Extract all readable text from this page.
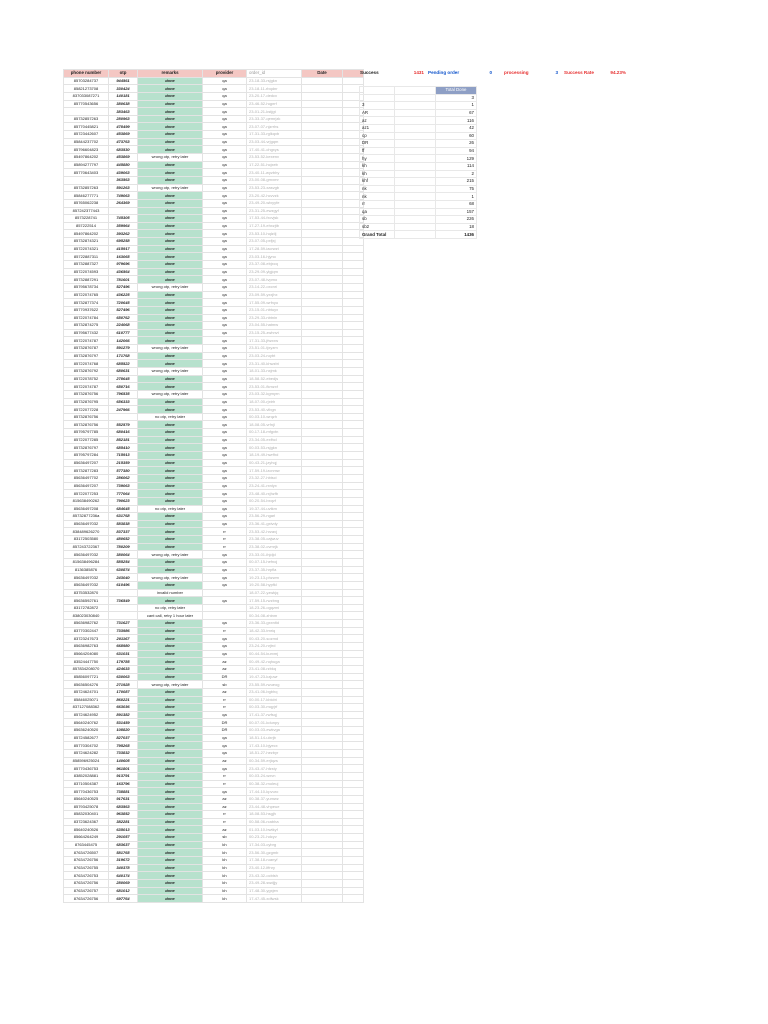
phone number	otp	remarks	provider	order_id	Date	
85703284737	944561	done	qa	23-18-33-rsjgkn		
85821273708	330424	done	qa	23-18-11-rbqdnr		
837033087271	140181	done	qa	23-20-17-dedcx		
85770543656	380638	done	qa	23-46-52-hqprrf		
	383463	done	qa	23-01-21-kstjgt		
85732857263	280963	done	qa	23-33-37-qemrjzk		
85770445821	478499	done	qa	23-07-07-njzrrhs		
85723442607	453869	done	qa	17-31-33-rglkqxb		
85844237702	473763	done	qa	23-03-44-vrjgqm		
85796604823	683530	done	qa	17-40-41-chgxys		
85497864202	453869	wrong otp, retry later	qa	23-53-52-kexenv		
85894277797	445880	done	qa	17-22-51-hcjxeb		
85770643403	439063	done	qa	23-40-11-wyzbhy		
	363563	done	qa	23-00-08-grnxmr		
85732857263	591263	wrong otp, retry later	qa	23-53-23-xasvgb		
85846277771	749063	done	qa	23-20-42-hcvvzk		
85765062238	264369	done	qa	23-49-20-wlxyyfe		
857242377443		done	qa	23-31-25-ewzgyf		
8573228741	745305	done	qa	17-53-44-fxcvjsk		
857222514	359964	done	qa	17-27-19-ehxzjtb		
85497864202	393262	done	qa	23-53-10-hqlzilj		
85732874321	695258	done	qa	23-07-05-pxfjxj		
85722074321	415917	done	qa	17-28-59-iacrwzt		
85722887311	163065	done	qa	23-03-16-hjyno		
85732887327	979696	done	qa	23-37-08-ebjxcq		
85722074593	436564	done	qa	23-29-09-ylgjqm		
85732887291	781601	done	qa	23-07-48-tvpmo		
85795678734	527496	wrong otp, retry later	qa	23-14-22-oxcnri		
85722074765	436225	done	qa	23-09-59-yxxjhx		
85732877374	720645	done	qa	17-55-09-wrfnyo		
85770937622	527496	done	qa	23-15-01-nbtuyx		
85722074784	650762	done	qa	23-29-33-nbtnin		
85732874275	224068	done	qa	23-04-55-hatmw		
85795677432	610777	done	qa	23-15-25-zwhnvt		
85722074787	142066	done	qa	17-31-33-jfwxxw		
85732876787	591279	wrong otp, retry later	qa	23-51-01-tjxyzm		
85732876797	171768	done	qa	23-03-24-ruybt		
85722074768	685522	done	qa	23-31-40-khwzbt		
85732876792	680631	wrong otp, retry later	qa	18-01-33-nxjmk		
85722078752	278645	done	qa	18-58-52-ebedjs		
85722074787	650716	done	qa	23-53-01-fkmzxf		
85732876756	796535	wrong otp, retry later	qa	23-03-32-kgmyrn		
85732876795	656333	done	qa	18-07-00-rjxtrh		
85722077228	247966	done	qa	23-53-40-vlbgn		
85732876756		no otp, retry later	qa	00-03-10-wrqzh		
85732876756	552579	done	qa	18-08-05-vrfnjl		
85795797785	680416	done	qa	00-17-18-mfgxtn		
85722077285	852181	done	qa	23-34-05-exfhcl		
85732876797	685410	done	qa	00-03-53-rsjgkn		
85795797284	715913	done	qa	18-19-49-hwrfhd		
85636497207	215359	done	qa	00-43-21-jzyhqj		
85732877283	577380	done	qa	17-59-19-izcnmw		
85636497702	286062	done	qa	23-32-27-hbisci		
85636497207	739063	done	qa	23-24-41-rxnlyx		
85722077253	777064	done	qa	23-48-40-rxjhzfb		
815638490262	790623	done	qa	00-20-54-bxqvf		
85636497208	684645	no otp, retry later	qa	19-37-44-uvtkm		
85732877236a	631768	done	qa	23-56-29-ngarl		
85636497032	583838	done	qa	23-36-41-gxivdy		
838489626270	837337	done	rr	23-53-42-hrzavj		
83172503580	480652	done	rr	23-38-05-cajwuv		
857243722367	780209	done	rr	23-38-02-cvmrjk		
85636497032	380064	wrong otp, retry later	qa	23-33-01-ihjdjd		
815638496284	585254	done	qa	00-07-15-hefnoj		
8136385876	630874	done	qa	23-37-35-hrpfla		
85636497032	243040	wrong otp, retry later	qa	19-23-13-phzwm		
85636497032	610496	done	qa	19-20-58-hypfkl		
83753532870		invalid number		18-07-22-yzwkjq		
85636592761	736549	done	qa	17-59-15-rwzbng		
83172782872		no otp, retry later		18-23-26-ogqzmi		
838023030840		cant call, retry 1 hour later		00-34-08-zhtnm		
85636982762	731627	done	qa	23-36-33-gxxnltd		
83770302447	733986	done	rr	18-42-33-tmriq		
83723247673	201167	done	qa	00-43-20-sozmd		
85636982763	668980	done	qa	23-24-20-nrjtrd		
85664204080	631031	done	qa	00-44-54-kurxmj		
83524447750	179785	done	az	00-49-42-nqhuga		
857834208070	424633	done	az	23-41-08-rzbkq		
85856097721	630063	done	DR	19-47-23-kzjuwr		
85636504276	271928	wrong otp, retry later	sb	23-55-59-rwueog		
85724624701	170087	done	az	23-41-06-bgbhq		
85846025071	860221	done	rr	00-00-17-kbicbt		
837127088362	663036	done	rr	00-03-30-mqyjrf		
85724624952	891382	done	qa	17-41-37-rwfsqj		
85640240762	531459	done	DR	00-07-01-kdunpy		
85636240520	108820	done	DR	00-03-03-ewkvga		
85724582677	827037	done	qa	18-51-14-ulxrjb		
85770304702	795265	done	qa	17-43-10-bjyecx		
85724624282	733832	done	qa	18-51-27-hezbyr		
858596925024	140605	done	az	00-34-59-erjiqzs		
85770436753	961801	done	qa	23-43-47-hfzsty		
83852028881	913791	done	rr	00-03-24-wxvn		
83710504387	163796	done	rr	00-38-32-rnoleuj		
85770436753	738881	done	qa	17-44-10-kpvuro		
85640240525	917631	done	az	00-38-37-yumwz		
85793425078	683563	done	az	23-44-48-vhpeue		
85832030401	963852	done	rr	18-08-53-hsgjh		
83723624367	382281	done	rr	00-58-06-rcabha		
85640240526	635013	done	az	01-03-10-bwtkyf		
85664264249	291057	done	sb	00-23-21-hdcyv		
8763445475	683637	done	kh	17-34-03-cybrg		
87634726507	581765	done	kh	23-56-30-gzgmb		
87634726756	319672	done	kh	17-38-18-ruanyf		
87634726755	340378	done	kh	23-40-12-lffnry		
87634726753	640174	done	kh	23-43-32-ocblsh		
87634726756	280069	done	kh	23-49-28-swdjjy		
87634726757	681012	done	kh	17-48-30-ygxjen		
87634726756	697764	done	kh	17-47-45-xdfwsk		
Success	1431 Pending order	0	processing	3 Success Rate	94.23%
		Total Done
		3
3		1
AR		67
az		116
az1		42
cp		60
DR		26
ff		94
hy		129
kh		114
kh		2
khf		215
nk		75
nk		1
rr		68
qa		157
sb		226
sb2		18
Grand Total		1436
